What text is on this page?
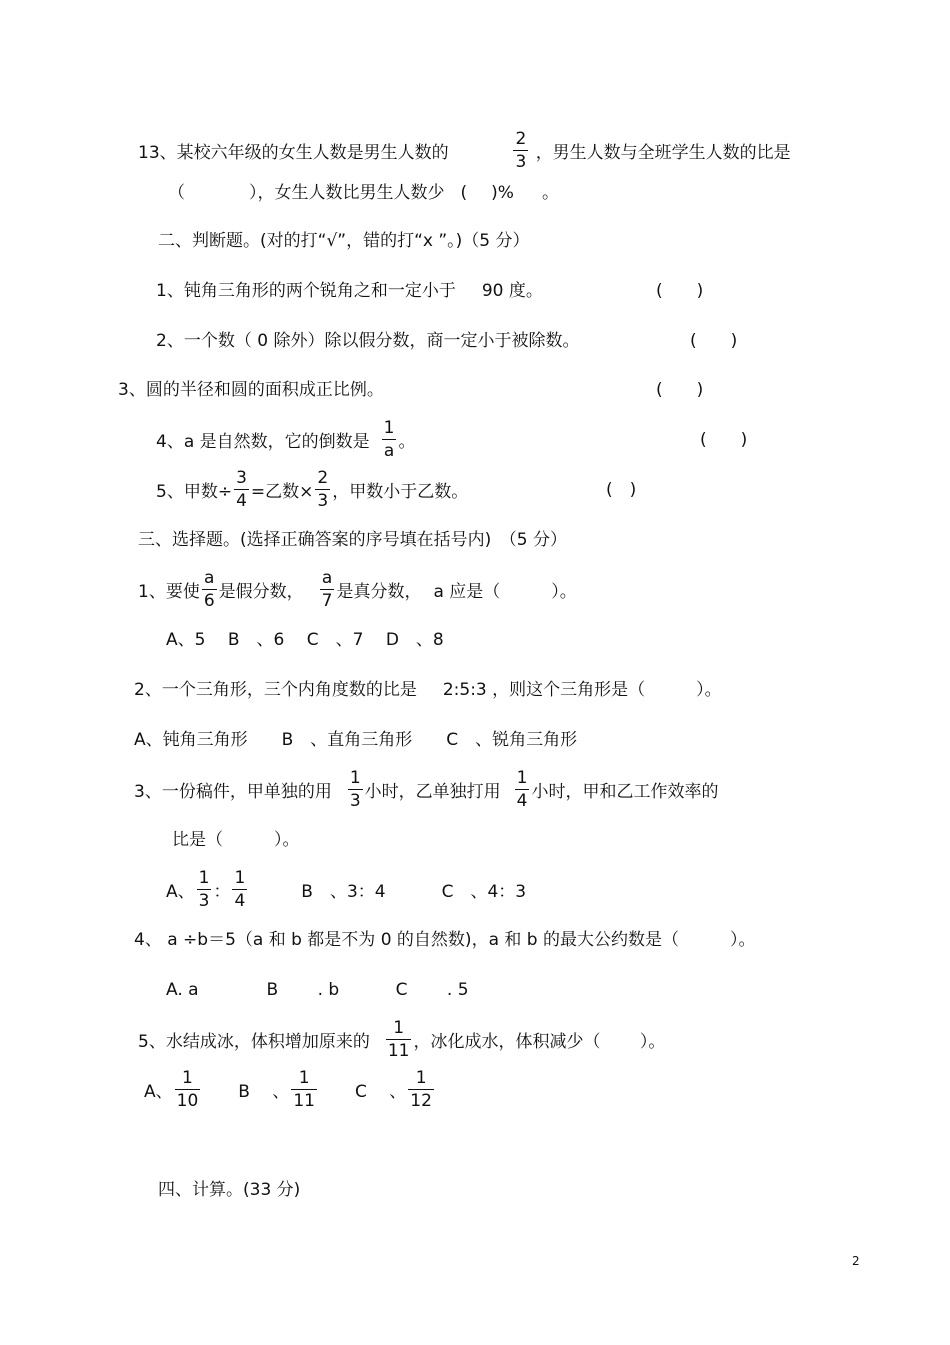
13、某校六年级的女生人数是男生人数的	$\frac{2}{3}$ ，男生人数与全班学生人数的比是
（	），女生人数比男生人数少 ( )% 。
二、判断题。(对的打“√”，错的打“x ”。)（5 分）
1、钝角三角形的两个锐角之和一定小于 90 度。	(　　)
2、一个数（ 0 除外）除以假分数，商一定小于被除数。	(　　)
3、圆的半径和圆的面积成正比例。	(　　)
4、a 是自然数，它的倒数是 $\frac{1}{a}$ 。	(　　)
5、甲数÷ $\frac{3}{4}$ =乙数× $\frac{2}{3}$ ，甲数小于乙数。	(　)
三、选择题。(选择正确答案的序号填在括号内)　（5 分）
1、要使 $\frac{a}{6}$ 是假分数， $\frac{a}{7}$ 是真分数， a 应是（　　　）。
A、5　 B　、6　 C　、7　 D　、8
2、一个三角形，三个内角度数的比是 2:5:3 ，则这个三角形是（　　　）。
A、钝角三角形　　B　、直角三角形　　C　、锐角三角形
3、一份稿件，甲单独的用 $\frac{1}{3}$ 小时，乙单独打用 $\frac{1}{4}$ 小时，甲和乙工作效率的
比是（　　　）。
A、 $\frac{1}{3}$ ： $\frac{1}{4}$	B　、3：4	C　、4：3
4、 a ÷b＝5（a 和 b 都是不为 0 的自然数)，a 和 b 的最大公约数是（　　　）。
A. a　　　　B　　 . b　　　 C　　 . 5
5、水结成冰，体积增加原来的 $\frac{1}{11}$ ，冰化成水，体积减少（　　 ）。
A、 $\frac{1}{10}$ B　 、 $\frac{1}{11}$ C　 、 $\frac{1}{12}$
四、计算。(33 分)
2
